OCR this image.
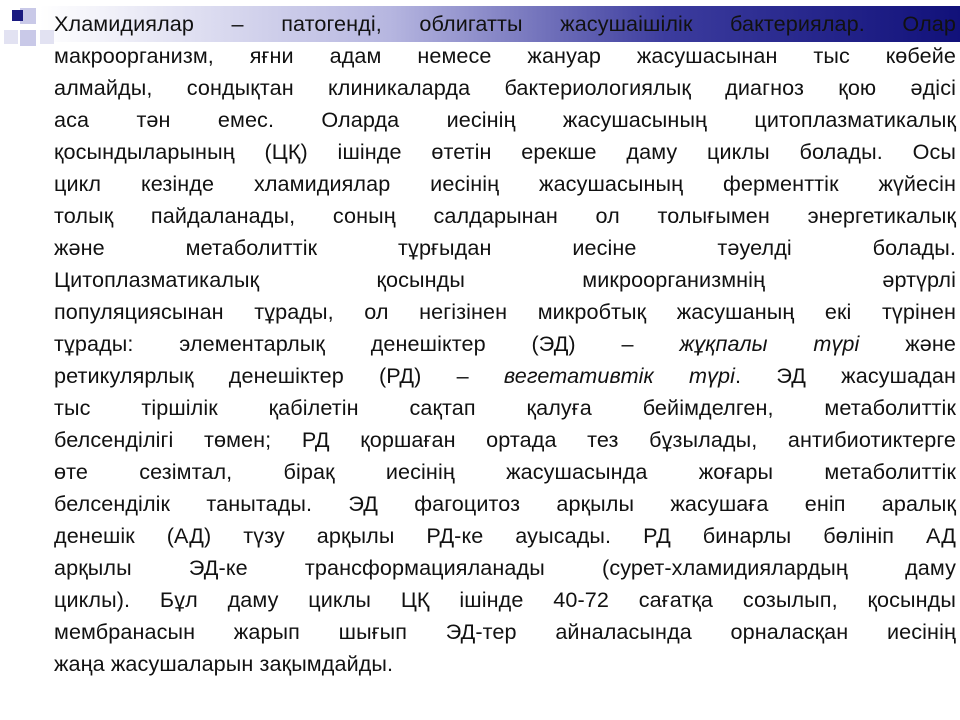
Хламидиялар – патогенді, облигатты жасушаішілік бактериялар. Олар
макроорганизм, яғни адам немесе жануар жасушасынан тыс көбейе
алмайды, сондықтан клиникаларда бактериологиялық диагноз қою әдісі
аса тән емес. Оларда иесінің жасушасының цитоплазматикалық
қосындыларының (ЦҚ) ішінде өтетін ерекше даму циклы болады. Осы
цикл кезінде хламидиялар иесінің жасушасының ферменттік жүйесін
толық пайдаланады, соның салдарынан ол толығымен энергетикалық
және метаболиттік тұрғыдан иесіне тәуелді болады.
Цитоплазматикалық қосынды микроорганизмнің әртүрлі
популяциясынан тұрады, ол негізінен микробтық жасушаның екі түрінен
тұрады: элементарлық денешіктер (ЭД) – жұқпалы түрі және
ретикулярлық денешіктер (РД) – вегетативтік түрі. ЭД жасушадан
тыс тіршілік қабілетін сақтап қалуға бейімделген, метаболиттік
белсенділігі төмен; РД қоршаған ортада тез бұзылады, антибиотиктерге
өте сезімтал, бірақ иесінің жасушасында жоғары метаболиттік
белсенділік танытады. ЭД фагоцитоз арқылы жасушаға еніп аралық
денешік (АД) түзу арқылы РД-ке ауысады. РД бинарлы бөлініп АД
арқылы ЭД-ке трансформацияланады (сурет-хламидиялардың даму
циклы). Бұл даму циклы ЦҚ ішінде 40-72 сағатқа созылып, қосынды
мембранасын жарып шығып ЭД-тер айналасында орналасқан иесінің
жаңа жасушаларын зақымдайды.
